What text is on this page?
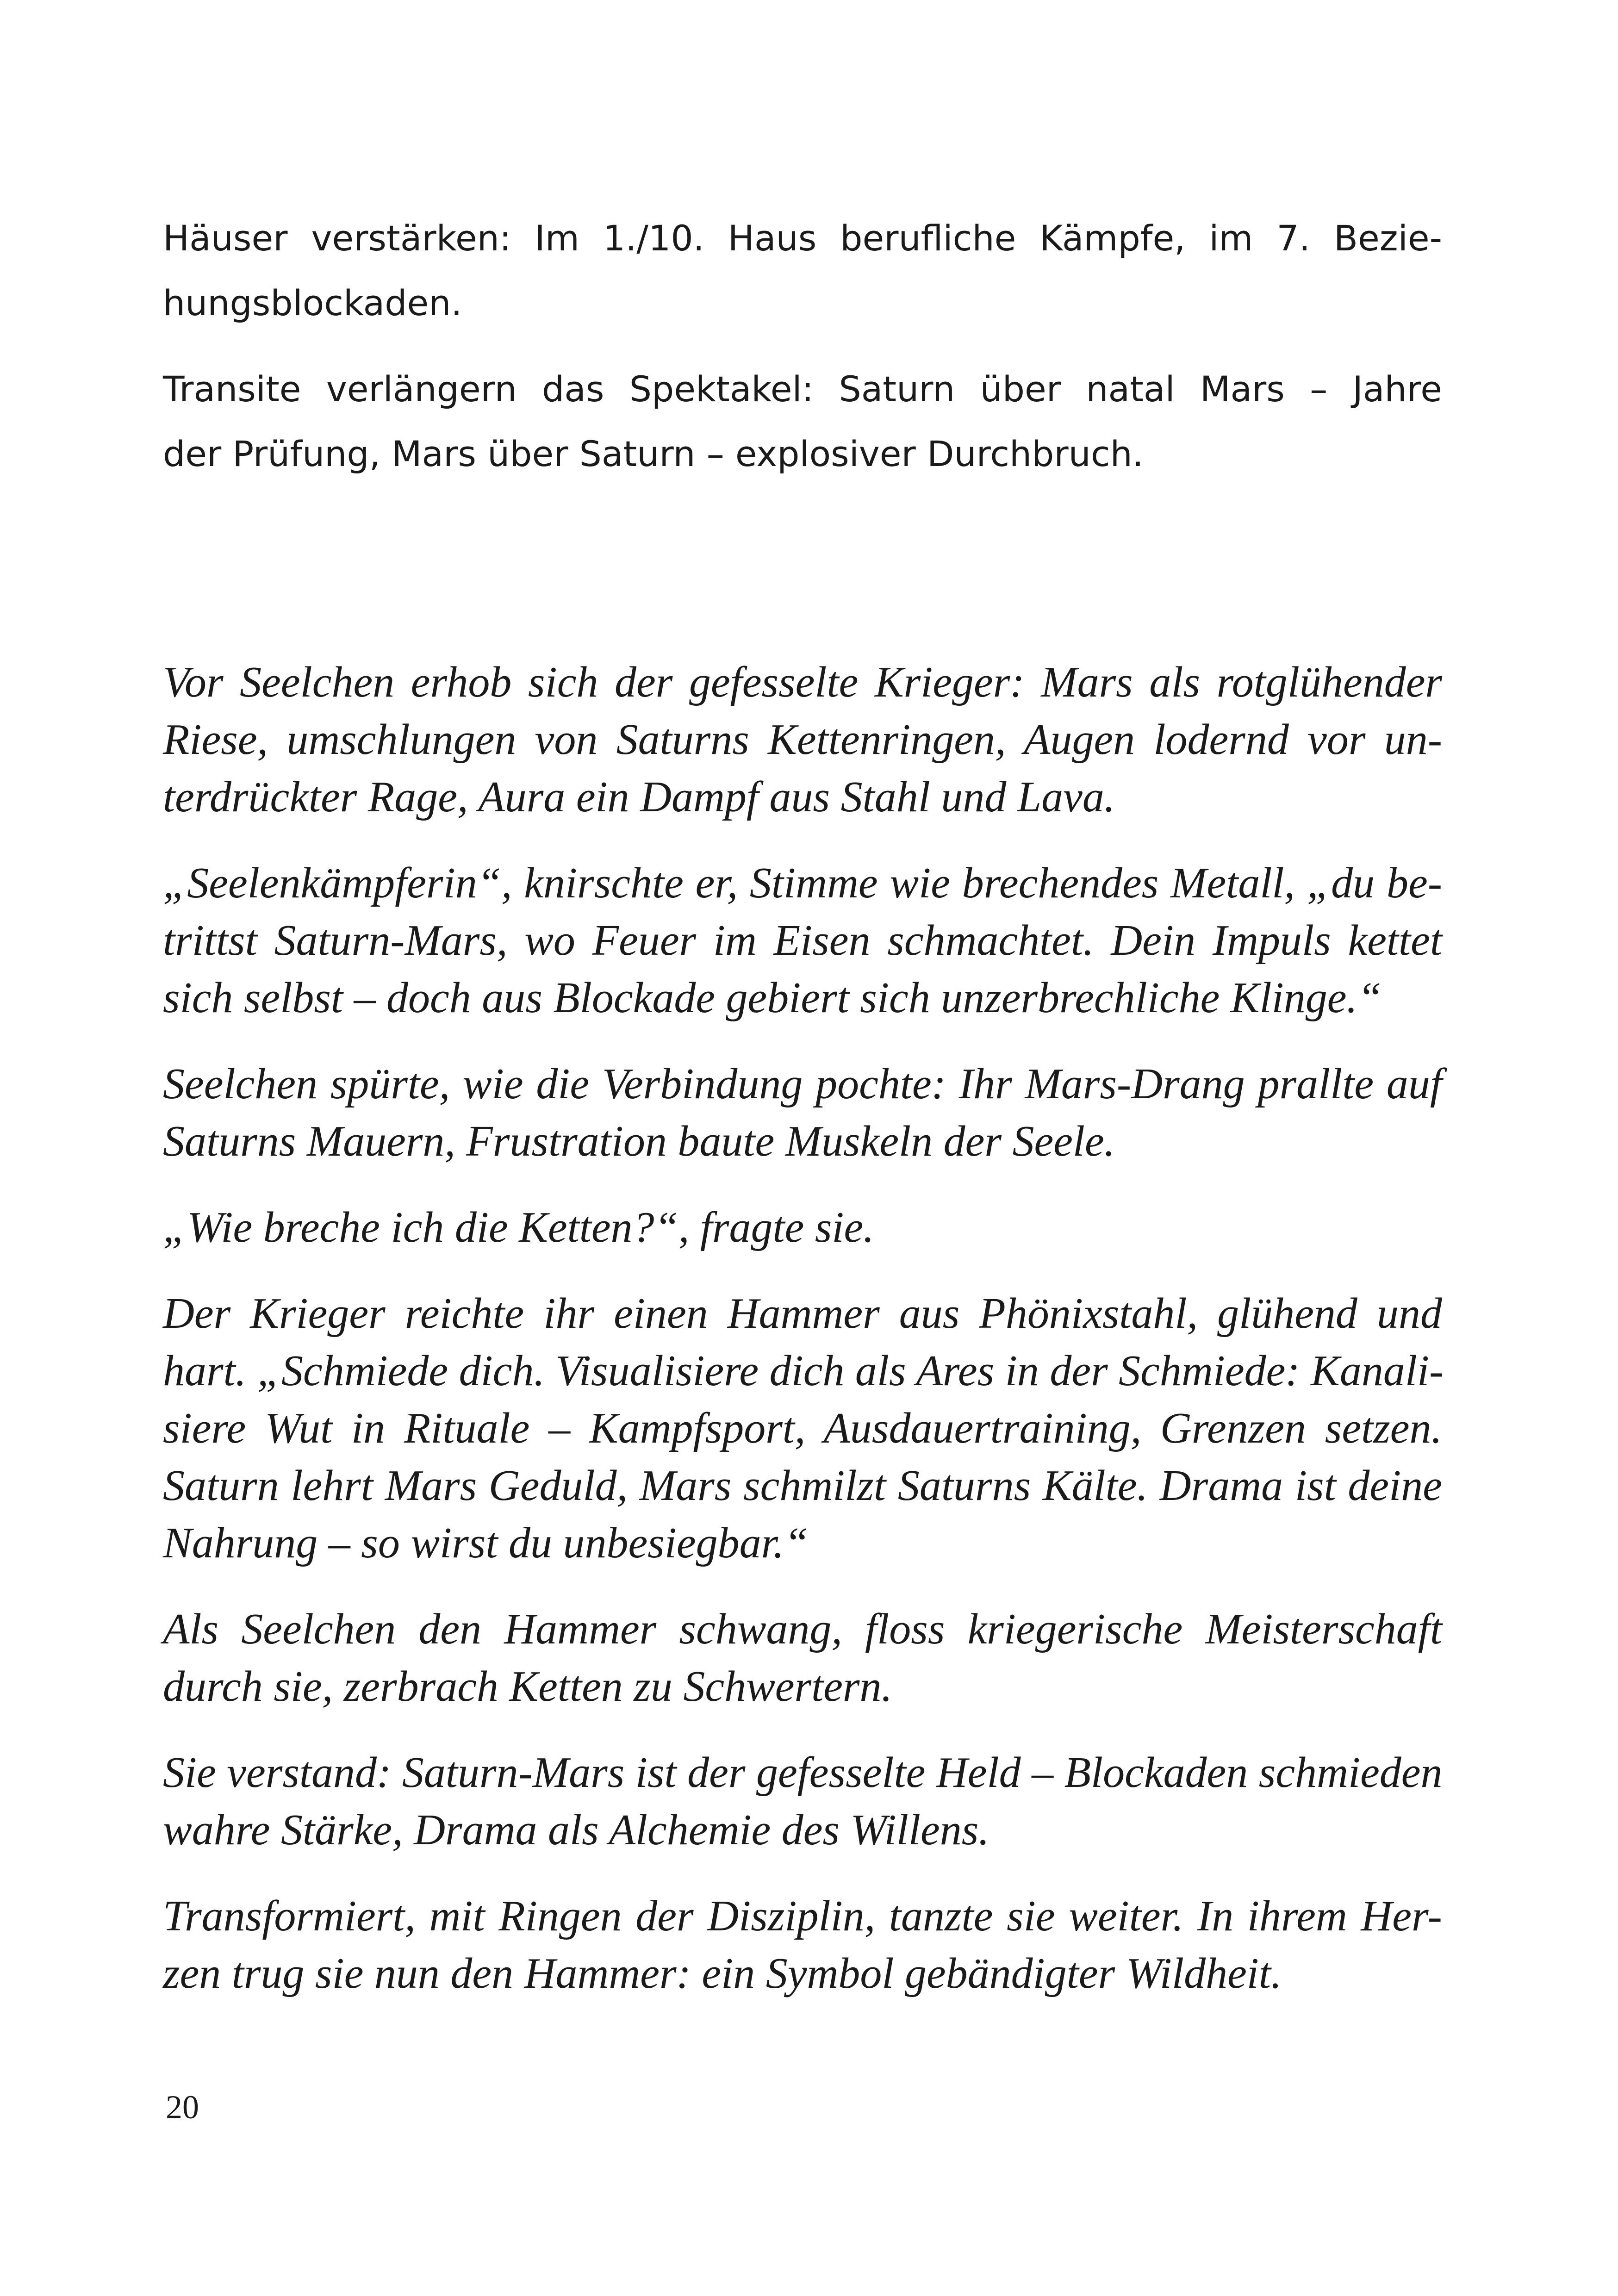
Häuser verstärken: Im 1./10. Haus berufliche Kämpfe, im 7. Bezie-
hungsblockaden.

Transite verlängern das Spektakel: Saturn über natal Mars – Jahre
der Prüfung, Mars über Saturn – explosiver Durchbruch.

Vor Seelchen erhob sich der gefesselte Krieger: Mars als rotglühender
Riese, umschlungen von Saturns Kettenringen, Augen lodernd vor un-
terdrückter Rage, Aura ein Dampf aus Stahl und Lava.

„Seelenkämpferin“, knirschte er, Stimme wie brechendes Metall, „du be-
trittst Saturn-Mars, wo Feuer im Eisen schmachtet. Dein Impuls kettet
sich selbst – doch aus Blockade gebiert sich unzerbrechliche Klinge.“

Seelchen spürte, wie die Verbindung pochte: Ihr Mars-Drang prallte auf
Saturns Mauern, Frustration baute Muskeln der Seele.

„Wie breche ich die Ketten?“, fragte sie.

Der Krieger reichte ihr einen Hammer aus Phönixstahl, glühend und
hart. „Schmiede dich. Visualisiere dich als Ares in der Schmiede: Kanali-
siere Wut in Rituale – Kampfsport, Ausdauertraining, Grenzen setzen.
Saturn lehrt Mars Geduld, Mars schmilzt Saturns Kälte. Drama ist deine
Nahrung – so wirst du unbesiegbar.“

Als Seelchen den Hammer schwang, floss kriegerische Meisterschaft
durch sie, zerbrach Ketten zu Schwertern.

Sie verstand: Saturn-Mars ist der gefesselte Held – Blockaden schmieden
wahre Stärke, Drama als Alchemie des Willens.

Transformiert, mit Ringen der Disziplin, tanzte sie weiter. In ihrem Her-
zen trug sie nun den Hammer: ein Symbol gebändigter Wildheit.

20
